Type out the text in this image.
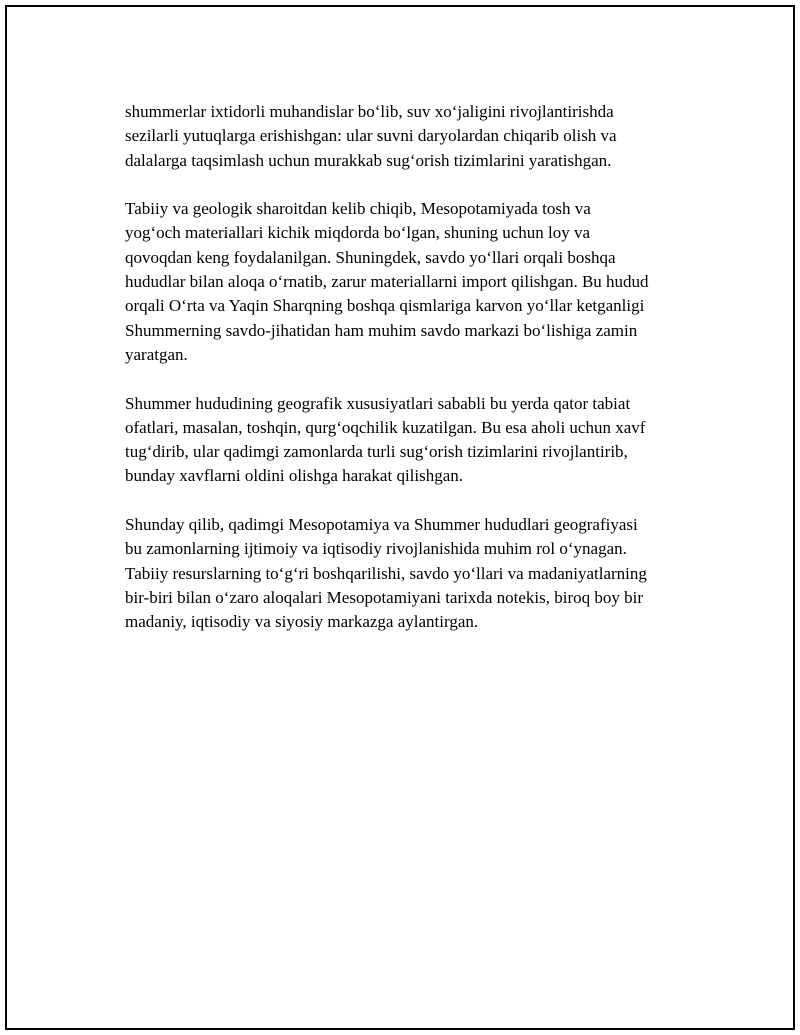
shummerlar ixtidorli muhandislar bo‘lib, suv xo‘jaligini rivojlantirishda
sezilarli yutuqlarga erishishgan: ular suvni daryolardan chiqarib olish va
dalalarga taqsimlash uchun murakkab sug‘orish tizimlarini yaratishgan.

Tabiiy va geologik sharoitdan kelib chiqib, Mesopotamiyada tosh va
yog‘och materiallari kichik miqdorda bo‘lgan, shuning uchun loy va
qovoqdan keng foydalanilgan. Shuningdek, savdo yo‘llari orqali boshqa
hududlar bilan aloqa o‘rnatib, zarur materiallarni import qilishgan. Bu hudud
orqali O‘rta va Yaqin Sharqning boshqa qismlariga karvon yo‘llar ketganligi
Shummerning savdo-jihatidan ham muhim savdo markazi bo‘lishiga zamin
yaratgan.

Shummer hududining geografik xususiyatlari sababli bu yerda qator tabiat
ofatlari, masalan, toshqin, qurg‘oqchilik kuzatilgan. Bu esa aholi uchun xavf
tug‘dirib, ular qadimgi zamonlarda turli sug‘orish tizimlarini rivojlantirib,
bunday xavflarni oldini olishga harakat qilishgan.

Shunday qilib, qadimgi Mesopotamiya va Shummer hududlari geografiyasi
bu zamonlarning ijtimoiy va iqtisodiy rivojlanishida muhim rol o‘ynagan.
Tabiiy resurslarning to‘g‘ri boshqarilishi, savdo yo‘llari va madaniyatlarning
bir-biri bilan o‘zaro aloqalari Mesopotamiyani tarixda notekis, biroq boy bir
madaniy, iqtisodiy va siyosiy markazga aylantirgan.
